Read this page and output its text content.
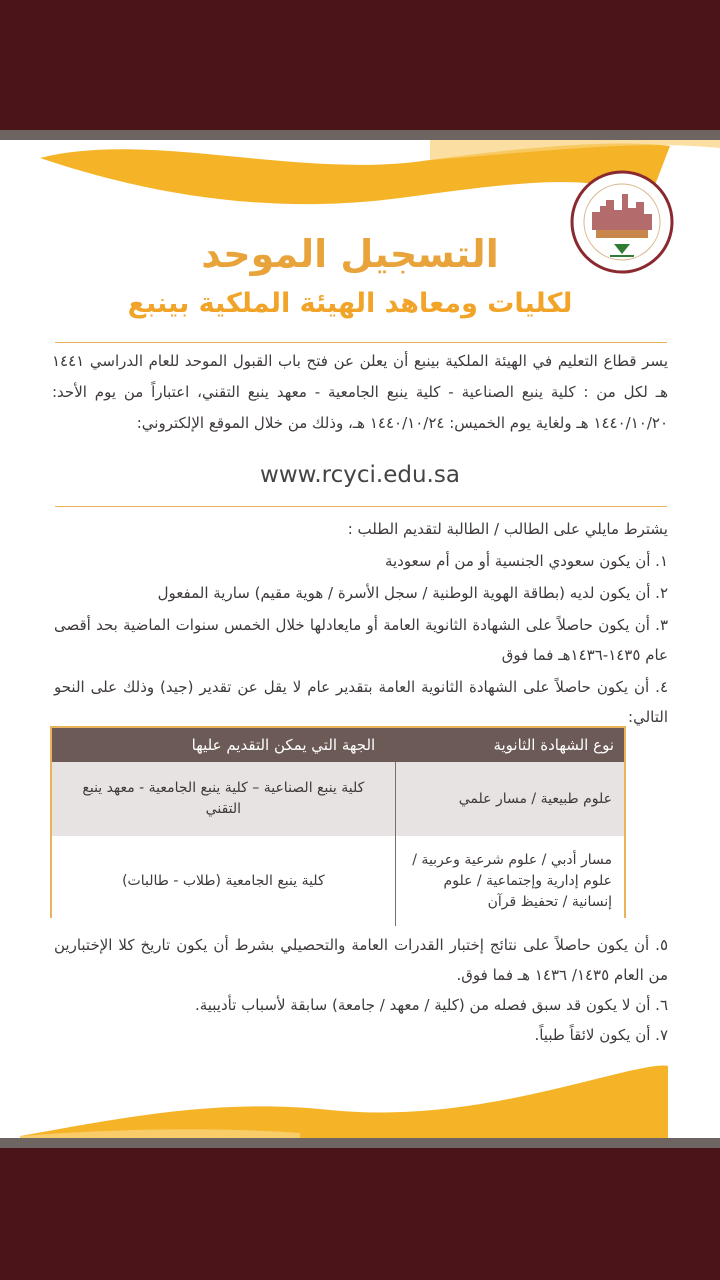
التسجيل الموحد
لكليات ومعاهد الهيئة الملكية بينبع

يسر قطاع التعليم في الهيئة الملكية بينبع أن يعلن عن فتح باب القبول الموحد للعام الدراسي ١٤٤١ هـ لكل من : كلية ينبع الصناعية - كلية ينبع الجامعية - معهد ينبع التقني، اعتباراً من يوم الأحد: ١٤٤٠/١٠/٢٠ هـ ولغاية يوم الخميس: ١٤٤٠/١٠/٢٤ هـ، وذلك من خلال الموقع الإلكتروني:

www.rcyci.edu.sa

يشترط مايلي على الطالب / الطالبة لتقديم الطلب :

١. أن يكون سعودي الجنسية أو من أم سعودية

٢. أن يكون لديه (بطاقة الهوية الوطنية / سجل الأسرة / هوية مقيم) سارية المفعول

٣. أن يكون حاصلاً على الشهادة الثانوية العامة أو مايعادلها خلال الخمس سنوات الماضية بحد أقصى عام ١٤٣٥-١٤٣٦هـ فما فوق

٤. أن يكون حاصلاً على الشهادة الثانوية العامة بتقدير عام لا يقل عن تقدير (جيد) وذلك على النحو التالي:

نوع الشهادة الثانوية	الجهة التي يمكن التقديم عليها
علوم طبيعية / مسار علمي	كلية ينبع الصناعية – كلية ينبع الجامعية - معهد ينبع التقني
مسار أدبي / علوم شرعية وعربية / علوم إدارية وإجتماعية / علوم إنسانية / تحفيظ قرآن	كلية ينبع الجامعية (طلاب - طالبات)

٥. أن يكون حاصلاً على نتائج إختبار القدرات العامة والتحصيلي بشرط أن يكون تاريخ كلا الإختبارين من العام ١٤٣٥/ ١٤٣٦ هـ فما فوق.

٦. أن لا يكون قد سبق فصله من (كلية / معهد / جامعة) سابقة لأسباب تأديبية.

٧. أن يكون لائقاً طبياً.
